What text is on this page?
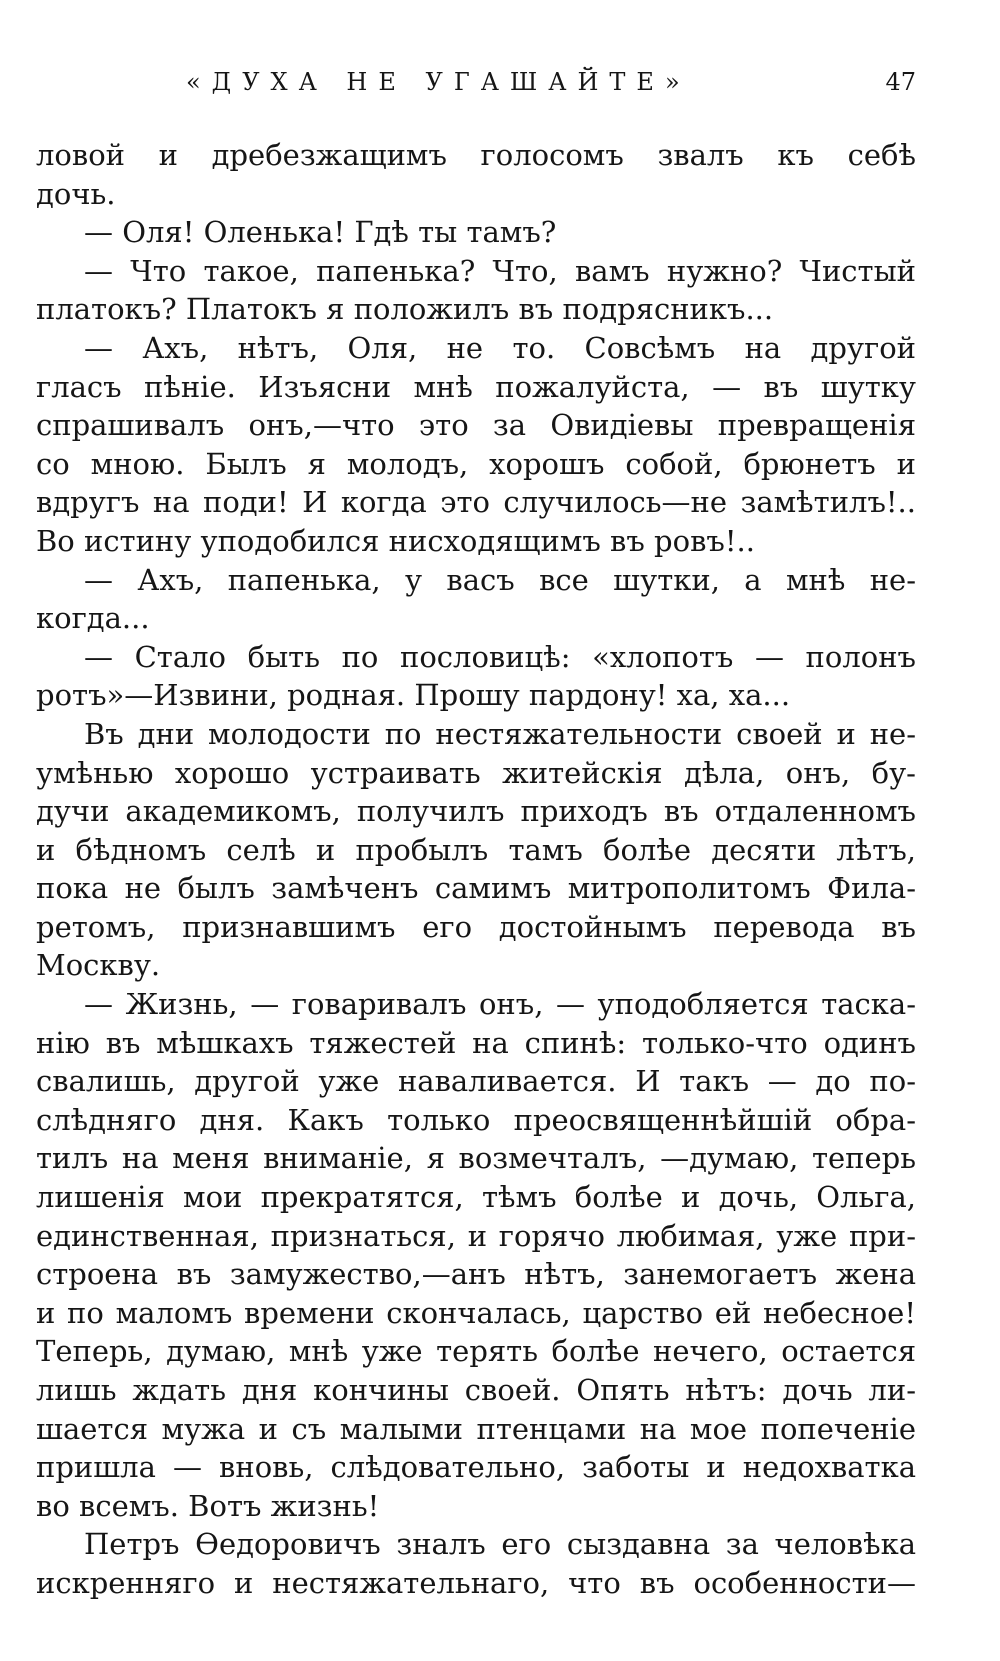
«ДУХА НЕ УГАШАЙТЕ»	47
ловой и дребезжащимъ голосомъ звалъ къ себѣ
дочь.
— Оля! Оленька! Гдѣ ты тамъ?
— Что такое, папенька? Что, вамъ нужно? Чистый
платокъ? Платокъ я положилъ въ подрясникъ...
— Ахъ, нѣтъ, Оля, не то. Совсѣмъ на другой
гласъ пѣніе. Изъясни мнѣ пожалуйста, — въ шутку
спрашивалъ онъ,—что это за Овидіевы превращенія
со мною. Былъ я молодъ, хорошъ собой, брюнетъ и
вдругъ на поди! И когда это случилось—не замѣтилъ!..
Во истину уподобился нисходящимъ въ ровъ!..
— Ахъ, папенька, у васъ все шутки, а мнѣ не-
когда...
— Стало быть по пословицѣ: «хлопотъ — полонъ
ротъ»—Извини, родная. Прошу пардону! ха, ха...
Въ дни молодости по нестяжательности своей и не-
умѣнью хорошо устраивать житейскія дѣла, онъ, бу-
дучи академикомъ, получилъ приходъ въ отдаленномъ
и бѣдномъ селѣ и пробылъ тамъ болѣе десяти лѣтъ,
пока не былъ замѣченъ самимъ митрополитомъ Фила-
ретомъ, признавшимъ его достойнымъ перевода въ
Москву.
— Жизнь, — говаривалъ онъ, — уподобляется таска-
нію въ мѣшкахъ тяжестей на спинѣ: только-что одинъ
свалишь, другой уже наваливается. И такъ — до по-
слѣдняго дня. Какъ только преосвященнѣйшій обра-
тилъ на меня вниманіе, я возмечталъ, —думаю, теперь
лишенія мои прекратятся, тѣмъ болѣе и дочь, Ольга,
единственная, признаться, и горячо любимая, уже при-
строена въ замужество,—анъ нѣтъ, занемогаетъ жена
и по маломъ времени скончалась, царство ей небесное!
Теперь, думаю, мнѣ уже терять болѣе нечего, остается
лишь ждать дня кончины своей. Опять нѣтъ: дочь ли-
шается мужа и съ малыми птенцами на мое попеченіе
пришла — вновь, слѣдовательно, заботы и недохватка
во всемъ. Вотъ жизнь!
Петръ Ѳедоровичъ зналъ его сыздавна за человѣка
искренняго и нестяжательнаго, что въ особенности—
